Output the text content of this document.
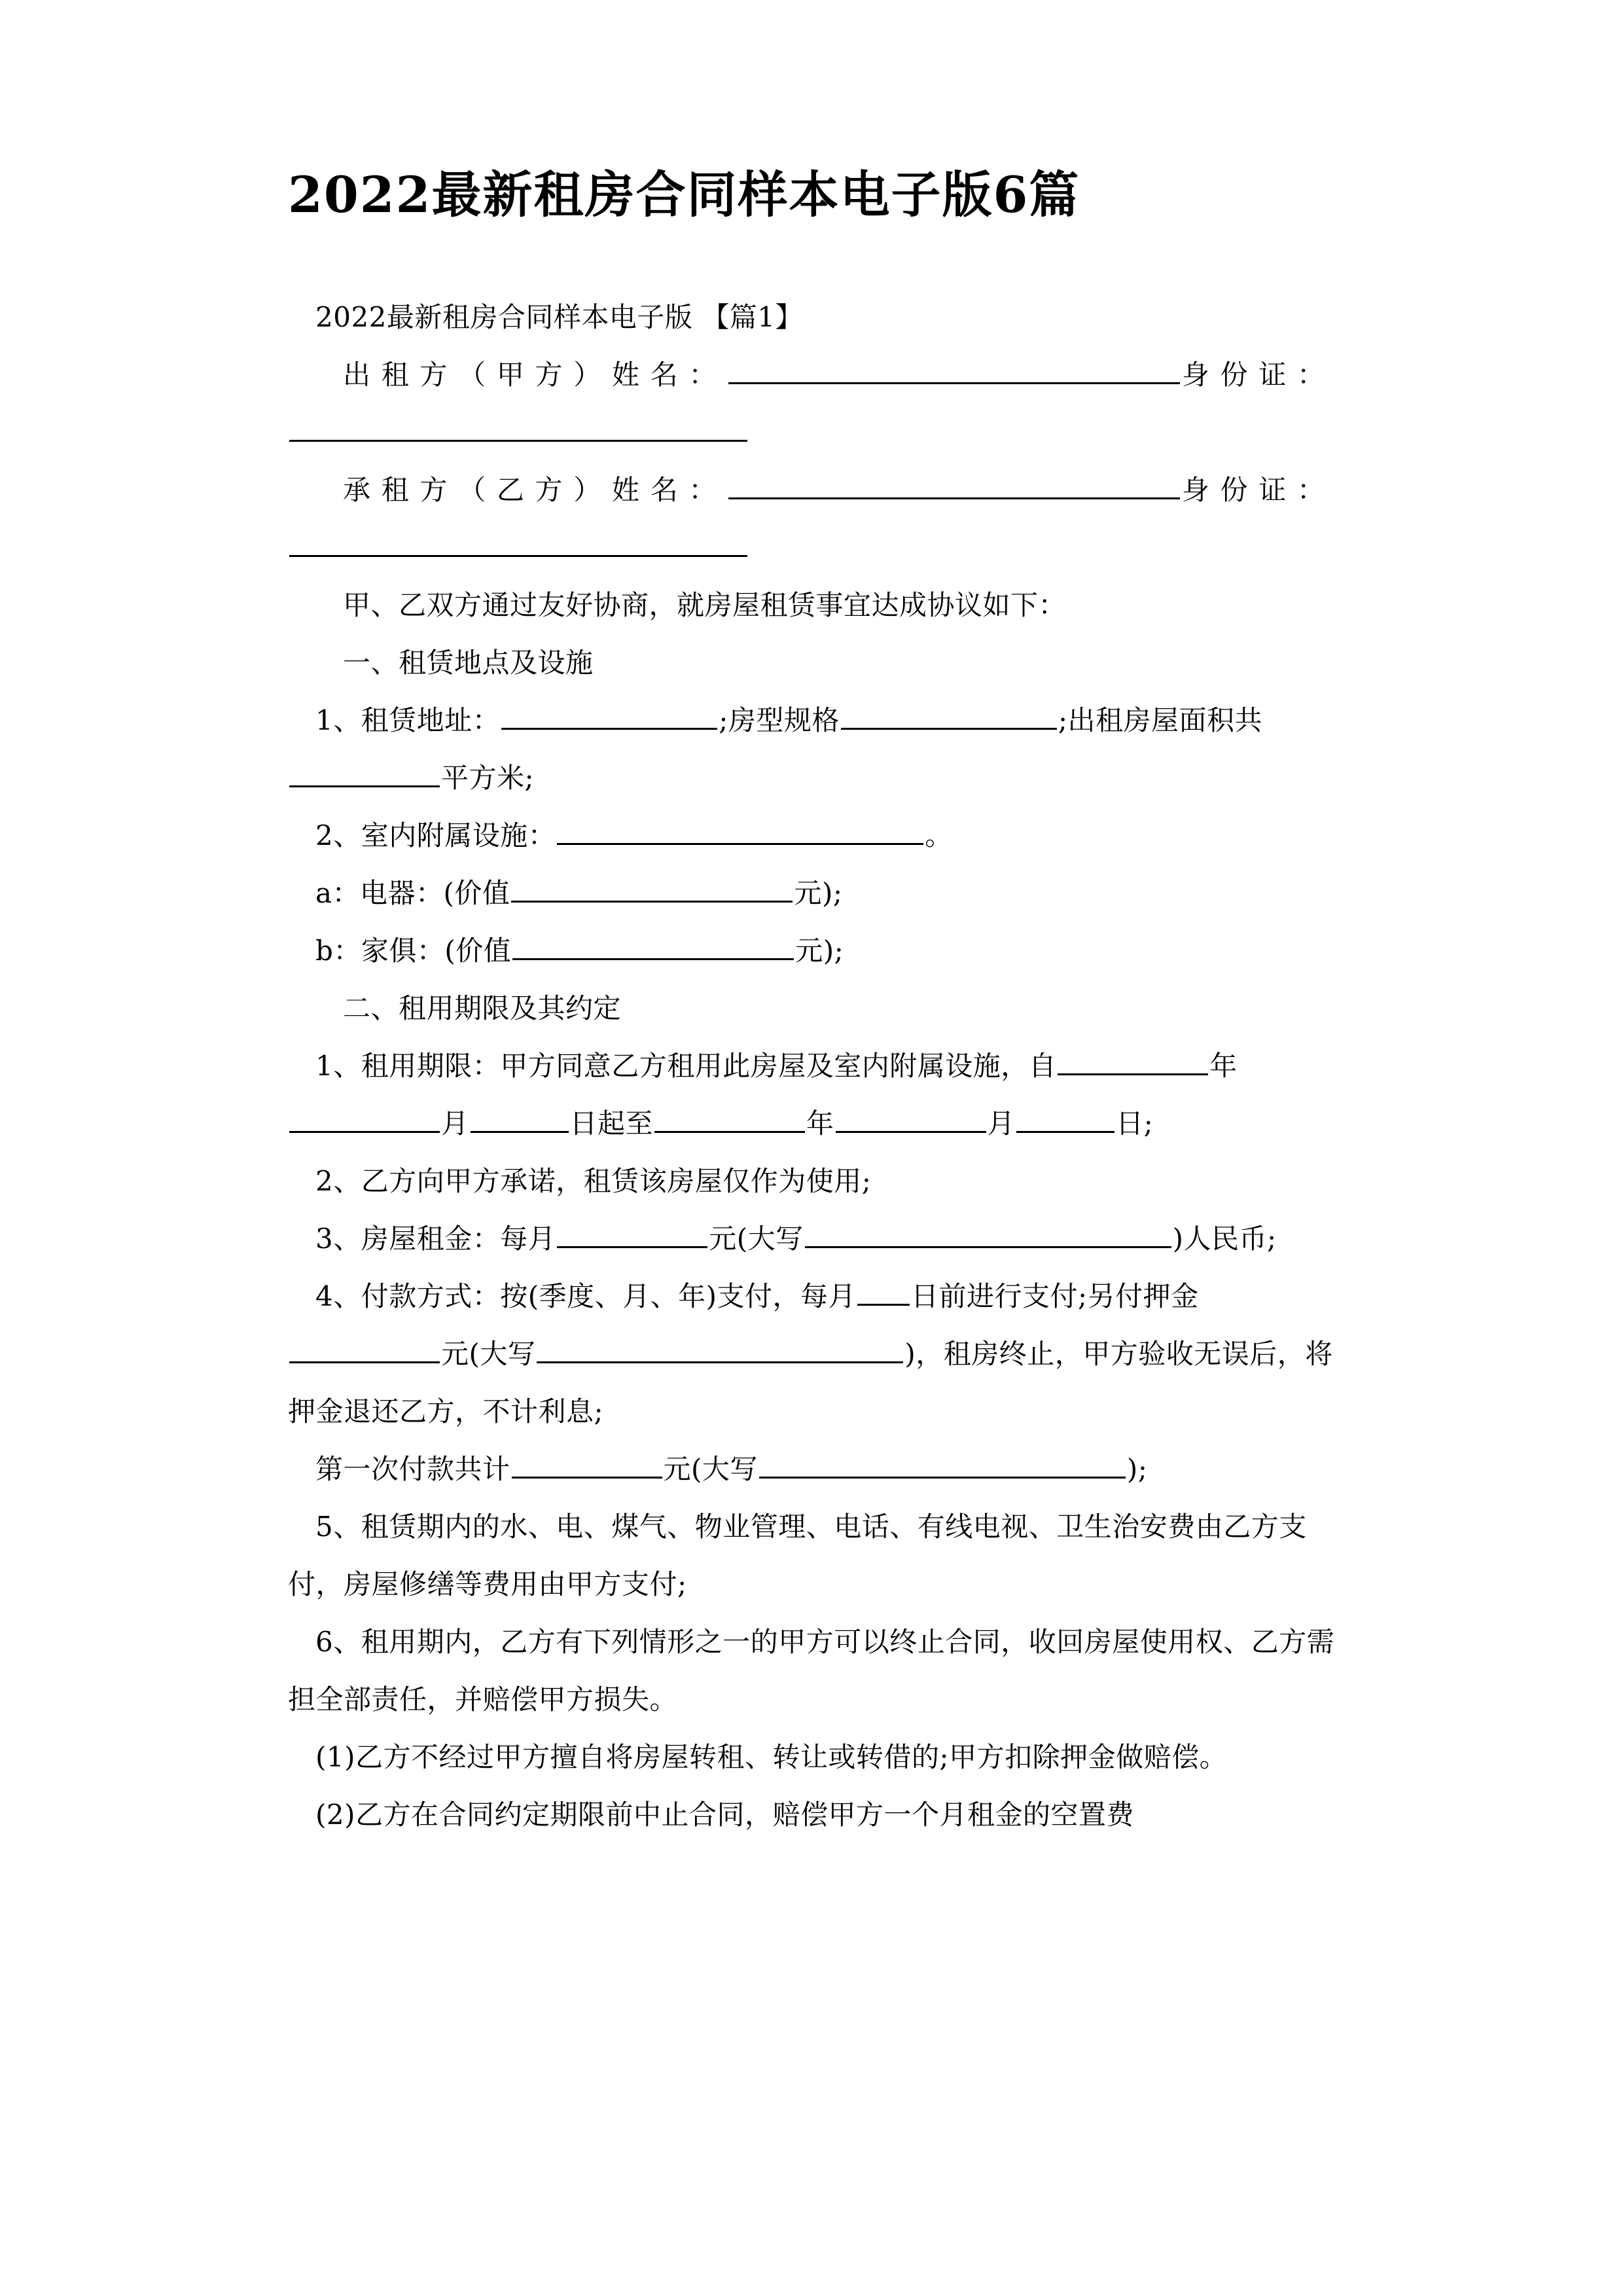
2022最新租房合同样本电子版6篇

2022最新租房合同样本电子版 【篇1】

出租方（甲方）姓名：	身份证：

承租方（乙方）姓名：	身份证：

甲、乙双方通过友好协商，就房屋租赁事宜达成协议如下：

一、租赁地点及设施

1、租赁地址：	;房型规格	;出租房屋面积共平方米;

2、室内附属设施：	。

a：电器：(价值	元);

b：家俱：(价值	元);

二、租用期限及其约定

1、租用期限：甲方同意乙方租用此房屋及室内附属设施，自	年月	日起至	年	月	日;

2、乙方向甲方承诺，租赁该房屋仅作为使用;

3、房屋租金：每月	元(大写	)人民币;

4、付款方式：按(季度、月、年)支付，每月 日前进行支付;另付押金元(大写	)，租房终止，甲方验收无误后，将押金退还乙方，不计利息;

第一次付款共计	元(大写	);

5、租赁期内的水、电、煤气、物业管理、电话、有线电视、卫生治安费由乙方支付，房屋修缮等费用由甲方支付;

6、租用期内，乙方有下列情形之一的甲方可以终止合同，收回房屋使用权、乙方需担全部责任，并赔偿甲方损失。

(1)乙方不经过甲方擅自将房屋转租、转让或转借的;甲方扣除押金做赔偿。

(2)乙方在合同约定期限前中止合同，赔偿甲方一个月租金的空置费
